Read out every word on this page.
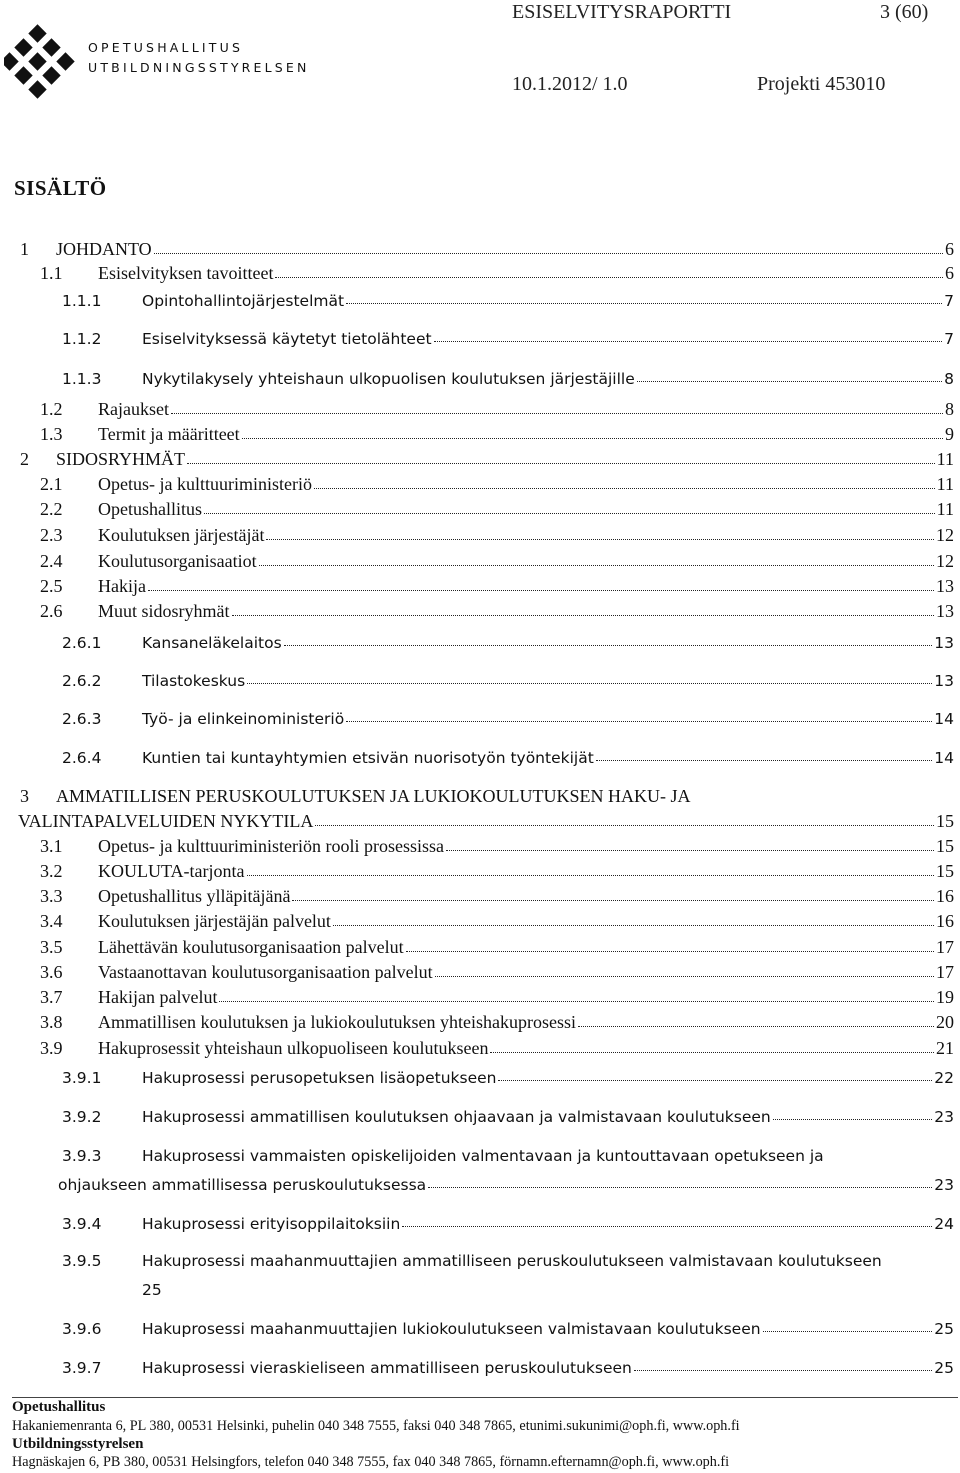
OPETUSHALLITUS
UTBILDNINGSSTYRELSEN
ESISELVITYSRAPORTTI	3 (60)
10.1.2012/ 1.0	Projekti 453010
SISÄLTÖ
1 JOHDANTO	6
1.1 Esiselvityksen tavoitteet	6
1.1.1	Opintohallintojärjestelmät	7
1.1.2	Esiselvityksessä käytetyt tietolähteet	7
1.1.3	Nykytilakysely yhteishaun ulkopuolisen koulutuksen järjestäjille	8
1.2 Rajaukset	8
1.3 Termit ja määritteet	9
2 SIDOSRYHMÄT	11
2.1 Opetus- ja kulttuuriministeriö	11
2.2 Opetushallitus	11
2.3 Koulutuksen järjestäjät	12
2.4 Koulutusorganisaatiot	12
2.5 Hakija	13
2.6 Muut sidosryhmät	13
2.6.1	Kansaneläkelaitos	13
2.6.2	Tilastokeskus	13
2.6.3	Työ- ja elinkeinoministeriö	14
2.6.4	Kuntien tai kuntayhtymien etsivän nuorisotyön työntekijät	14
3 AMMATILLISEN PERUSKOULUTUKSEN JA LUKIOKOULUTUKSEN HAKU- JA
VALINTAPALVELUIDEN NYKYTILA	15
3.1 Opetus- ja kulttuuriministeriön rooli prosessissa	15
3.2 KOULUTA-tarjonta	15
3.3 Opetushallitus ylläpitäjänä	16
3.4 Koulutuksen järjestäjän palvelut	16
3.5 Lähettävän koulutusorganisaation palvelut	17
3.6 Vastaanottavan koulutusorganisaation palvelut	17
3.7 Hakijan palvelut	19
3.8 Ammatillisen koulutuksen ja lukiokoulutuksen yhteishakuprosessi	20
3.9 Hakuprosessit yhteishaun ulkopuoliseen koulutukseen	21
3.9.1	Hakuprosessi perusopetuksen lisäopetukseen	22
3.9.2	Hakuprosessi ammatillisen koulutuksen ohjaavaan ja valmistavaan koulutukseen	23
3.9.3	Hakuprosessi vammaisten opiskelijoiden valmentavaan ja kuntouttavaan opetukseen ja
ohjaukseen ammatillisessa peruskoulutuksessa	23
3.9.4	Hakuprosessi erityisoppilaitoksiin	24
3.9.5	Hakuprosessi maahanmuuttajien ammatilliseen peruskoulutukseen valmistavaan koulutukseen
25
3.9.6	Hakuprosessi maahanmuuttajien lukiokoulutukseen valmistavaan koulutukseen	25
3.9.7	Hakuprosessi vieraskieliseen ammatilliseen peruskoulutukseen	25
Opetushallitus
Hakaniemenranta 6, PL 380, 00531 Helsinki, puhelin 040 348 7555, faksi 040 348 7865, etunimi.sukunimi@oph.fi, www.oph.fi
Utbildningsstyrelsen
Hagnäskajen 6, PB 380, 00531 Helsingfors, telefon 040 348 7555, fax 040 348 7865, förnamn.efternamn@oph.fi, www.oph.fi
